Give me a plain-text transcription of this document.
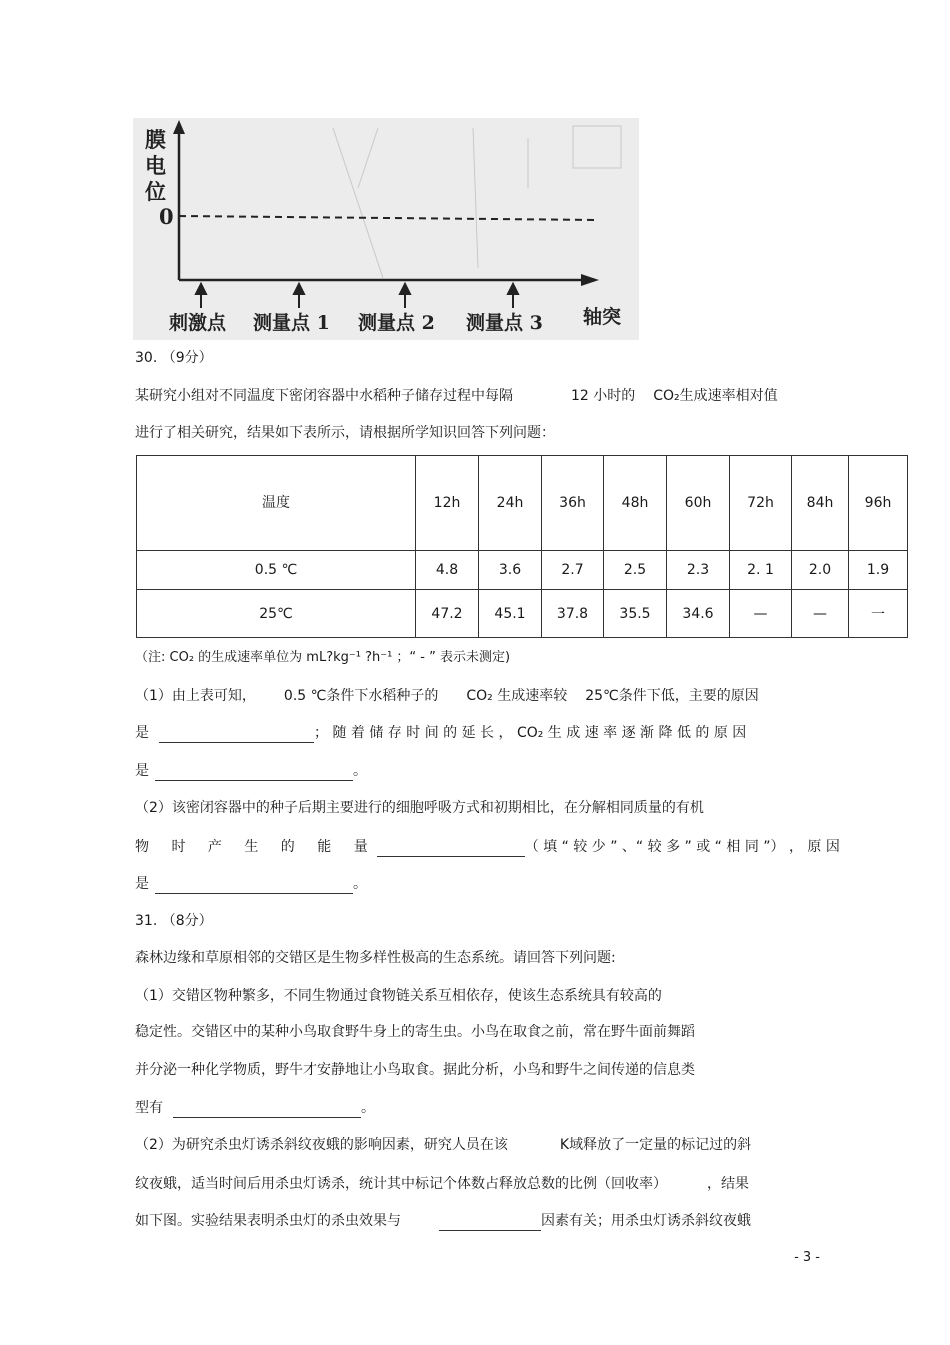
膜
电
位
0
轴突
刺激点 测量点 1 测量点 2 测量点 3
30. （9分）
某研究小组对不同温度下密闭容器中水稻种子储存过程中每隔	12 小时的 CO₂生成速率相对值
进行了相关研究，结果如下表所示，请根据所学知识回答下列问题：
温度	12h	24h	36h	48h	60h	72h	84h	96h
0.5 ℃	4.8	3.6	2.7	2.5	2.3	2. 1	2.0	1.9
25℃	47.2	45.1	37.8	35.5	34.6	—	—	一
（注: CO₂ 的生成速率单位为 mL?kg⁻¹ ?h⁻¹ ；“ - ” 表示未测定)
（1）由上表可知， 0.5 ℃条件下水稻种子的 CO₂ 生成速率较 25℃条件下低，主要的原因
是	； 随 着 储 存 时 间 的 延 长 ， CO₂ 生 成 速 率 逐 渐 降 低 的 原 因
是	。
（2）该密闭容器中的种子后期主要进行的细胞呼吸方式和初期相比，在分解相同质量的有机
物 时 产 生 的 能 量	（ 填 “ 较 少 ” 、“ 较 多 ” 或 “ 相 同 ”） ， 原 因
是	。
31. （8分）
森林边缘和草原相邻的交错区是生物多样性极高的生态系统。请回答下列问题:
（1）交错区物种繁多，不同生物通过食物链关系互相依存，使该生态系统具有较高的
稳定性。交错区中的某种小鸟取食野牛身上的寄生虫。小鸟在取食之前，常在野牛面前舞蹈
并分泌一种化学物质，野牛才安静地让小鸟取食。据此分析，小鸟和野牛之间传递的信息类
型有	。
（2）为研究杀虫灯诱杀斜纹夜蛾的影响因素，研究人员在该	K域释放了一定量的标记过的斜
纹夜蛾，适当时间后用杀虫灯诱杀，统计其中标记个体数占释放总数的比例（回收率）	，结果
如下图。实验结果表明杀虫灯的杀虫效果与	因素有关；用杀虫灯诱杀斜纹夜蛾
- 3 -
